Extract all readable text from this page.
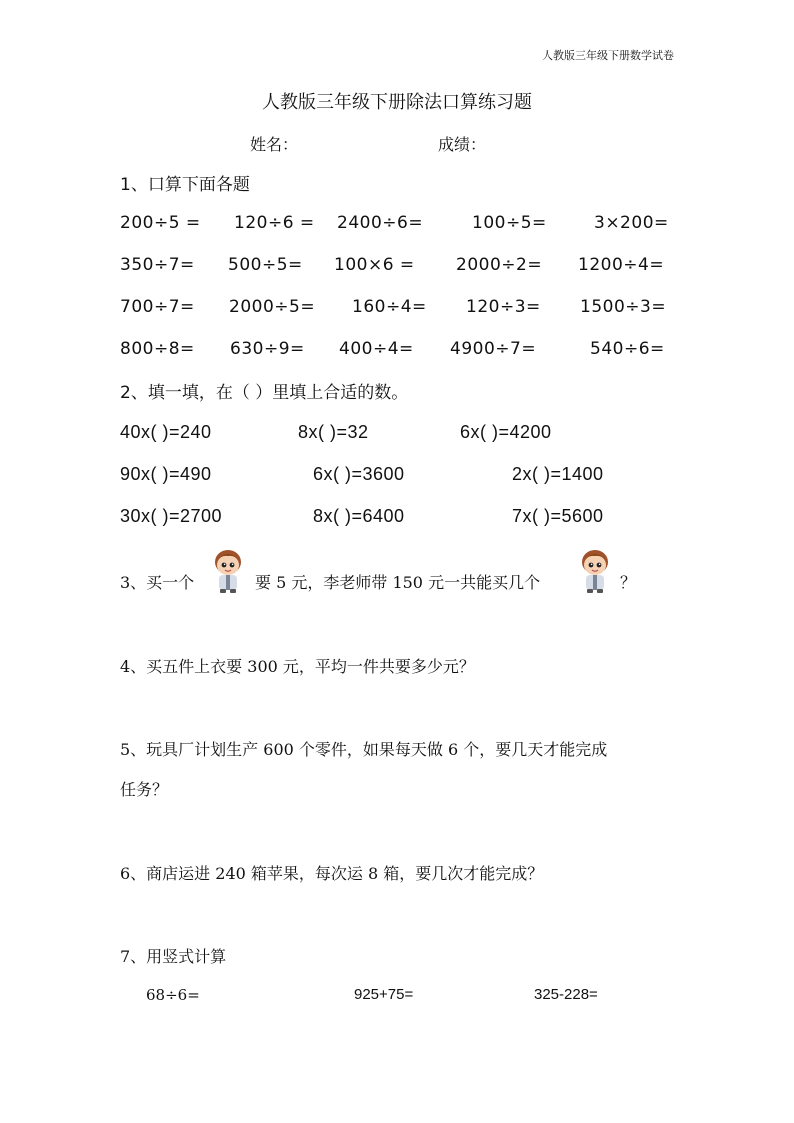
人教版三年级下册数学试卷
人教版三年级下册除法口算练习题
姓名：	成绩：
1、口算下面各题
200÷5 = 120÷6 = 2400÷6=	100÷5=	3×200=
350÷7= 500÷5= 100×6 = 2000÷2= 1200÷4=
700÷7= 2000÷5= 160÷4= 120÷3= 1500÷3=
800÷8= 630÷9= 400÷4= 4900÷7=	540÷6=
2、填一填，在（ ）里填上合适的数。
40x( )=240	8x( )=32	6x( )=4200
90x( )=490	6x( )=3600	2x( )=1400
30x( )=2700	8x( )=6400	7x( )=5600
3、买一个	要 5 元，李老师带 150 元一共能买几个	？
4、买五件上衣要 300 元，平均一件共要多少元？
5、玩具厂计划生产 600 个零件，如果每天做 6 个，要几天才能完成
任务？
6、商店运进 240 箱苹果，每次运 8 箱，要几次才能完成？
7、用竖式计算
68÷6=	925+75=	325-228=
